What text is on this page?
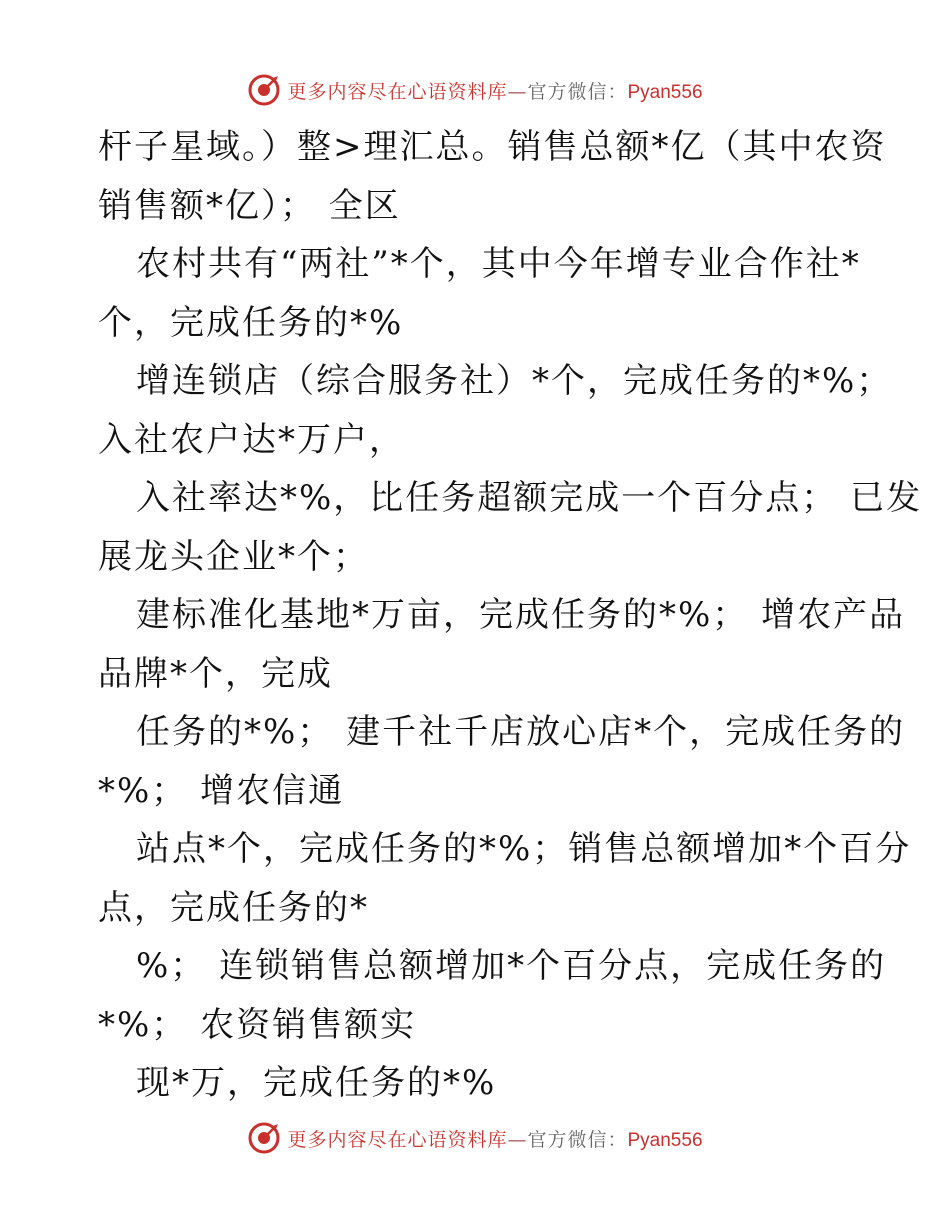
更多内容尽在心语资料库—官方微信：Pyan556
杆子星域。）整>理汇总。销售总额*亿（其中农资
销售额*亿）； 全区
农村共有“两社”*个，其中今年增专业合作社*
个，完成任务的*%
增连锁店（综合服务社）*个，完成任务的*%；
入社农户达*万户，
入社率达*%，比任务超额完成一个百分点； 已发
展龙头企业*个；
建标准化基地*万亩，完成任务的*%； 增农产品
品牌*个，完成
任务的*%； 建千社千店放心店*个，完成任务的
*%； 增农信通
站点*个，完成任务的*%；销售总额增加*个百分
点，完成任务的*
%； 连锁销售总额增加*个百分点，完成任务的
*%； 农资销售额实
现*万，完成任务的*%
更多内容尽在心语资料库—官方微信：Pyan556
